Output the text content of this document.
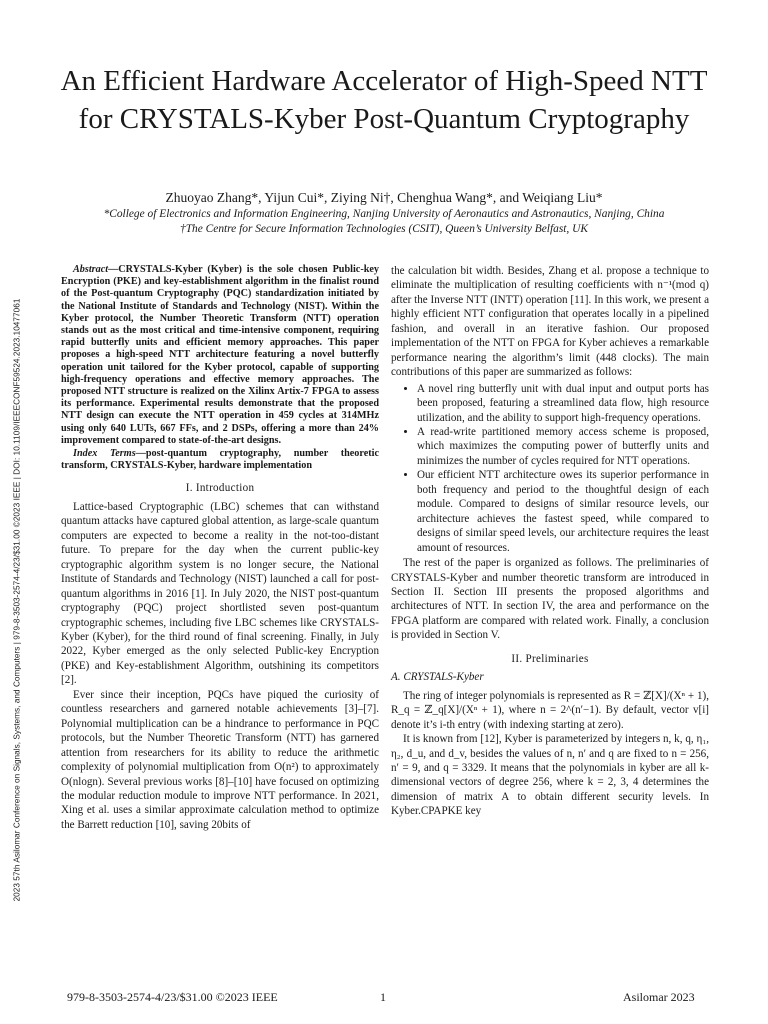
2023 57th Asilomar Conference on Signals, Systems, and Computers | 979-8-3503-2574-4/23/$31.00 ©2023 IEEE | DOI: 10.1109/IEEECONF59524.2023.10477061
An Efficient Hardware Accelerator of High-Speed NTT for CRYSTALS-Kyber Post-Quantum Cryptography
Zhuoyao Zhang*, Yijun Cui*, Ziying Ni†, Chenghua Wang*, and Weiqiang Liu*
*College of Electronics and Information Engineering, Nanjing University of Aeronautics and Astronautics, Nanjing, China
†The Centre for Secure Information Technologies (CSIT), Queen’s University Belfast, UK

Abstract—CRYSTALS-Kyber (Kyber) is the sole chosen Public-key Encryption (PKE) and key-establishment algorithm in the finalist round of the Post-quantum Cryptography (PQC) standardization initiated by the National Institute of Standards and Technology (NIST). Within the Kyber protocol, the Number Theoretic Transform (NTT) operation stands out as the most critical and time-intensive component, requiring rapid butterfly units and efficient memory approaches. This paper proposes a high-speed NTT architecture featuring a novel butterfly operation unit tailored for the Kyber protocol, capable of supporting high-frequency operations and effective memory approaches. The proposed NTT structure is realized on the Xilinx Artix-7 FPGA to assess its performance. Experimental results demonstrate that the proposed NTT design can execute the NTT operation in 459 cycles at 314MHz using only 640 LUTs, 667 FFs, and 2 DSPs, offering a more than 24% improvement compared to state-of-the-art designs.

Index Terms—post-quantum cryptography, number theoretic transform, CRYSTALS-Kyber, hardware implementation

I. Introduction

Lattice-based Cryptographic (LBC) schemes that can withstand quantum attacks have captured global attention, as large-scale quantum computers are expected to become a reality in the not-too-distant future. To prepare for the day when the current public-key cryptographic algorithm system is no longer secure, the National Institute of Standards and Technology (NIST) launched a call for post-quantum algorithms in 2016 [1]. In July 2020, the NIST post-quantum cryptography (PQC) project shortlisted seven post-quantum cryptographic schemes, including five LBC schemes like CRYSTALS-Kyber (Kyber), for the third round of final screening. Finally, in July 2022, Kyber emerged as the only selected Public-key Encryption (PKE) and Key-establishment Algorithm, outshining its competitors [2].

Ever since their inception, PQCs have piqued the curiosity of countless researchers and garnered notable achievements [3]–[7]. Polynomial multiplication can be a hindrance to performance in PQC protocols, but the Number Theoretic Transform (NTT) has garnered attention from researchers for its ability to reduce the arithmetic complexity of polynomial multiplication from O(n²) to approximately O(nlogn). Several previous works [8]–[10] have focused on optimizing the modular reduction module to improve NTT performance. In 2021, Xing et al. uses a similar approximate calculation method to optimize the Barrett reduction [10], saving 20bits of

the calculation bit width. Besides, Zhang et al. propose a technique to eliminate the multiplication of resulting coefficients with n⁻¹(mod q) after the Inverse NTT (INTT) operation [11]. In this work, we present a highly efficient NTT configuration that operates locally in a pipelined fashion, and overall in an iterative fashion. Our proposed implementation of the NTT on FPGA for Kyber achieves a remarkable performance nearing the algorithm’s limit (448 clocks). The main contributions of this paper are summarized as follows:

• A novel ring butterfly unit with dual input and output ports has been proposed, featuring a streamlined data flow, high resource utilization, and the ability to support high-frequency operations.
• A read-write partitioned memory access scheme is proposed, which maximizes the computing power of butterfly units and minimizes the number of cycles required for NTT operations.
• Our efficient NTT architecture owes its superior performance in both frequency and period to the thoughtful design of each module. Compared to designs of similar resource levels, our architecture achieves the fastest speed, while compared to designs of similar speed levels, our architecture requires the least amount of resources.

The rest of the paper is organized as follows. The preliminaries of CRYSTALS-Kyber and number theoretic transform are introduced in Section II. Section III presents the proposed algorithms and architectures of NTT. In section IV, the area and performance on the FPGA platform are compared with related work. Finally, a conclusion is provided in Section V.

II. Preliminaries
A. CRYSTALS-Kyber

The ring of integer polynomials is represented as R = ℤ[X]/(Xⁿ + 1), R_q = ℤ_q[X]/(Xⁿ + 1), where n = 2^(n′−1). By default, vector v[i] denote it’s i-th entry (with indexing starting at zero).

It is known from [12], Kyber is parameterized by integers n, k, q, η₁, η₂, d_u, and d_v, besides the values of n, n′ and q are fixed to n = 256, n′ = 9, and q = 3329. It means that the polynomials in kyber are all k-dimensional vectors of degree 256, where k = 2, 3, 4 determines the dimension of matrix A to obtain different security levels. In Kyber.CPAPKE key

979-8-3503-2574-4/23/$31.00 ©2023 IEEE	1	Asilomar 2023
